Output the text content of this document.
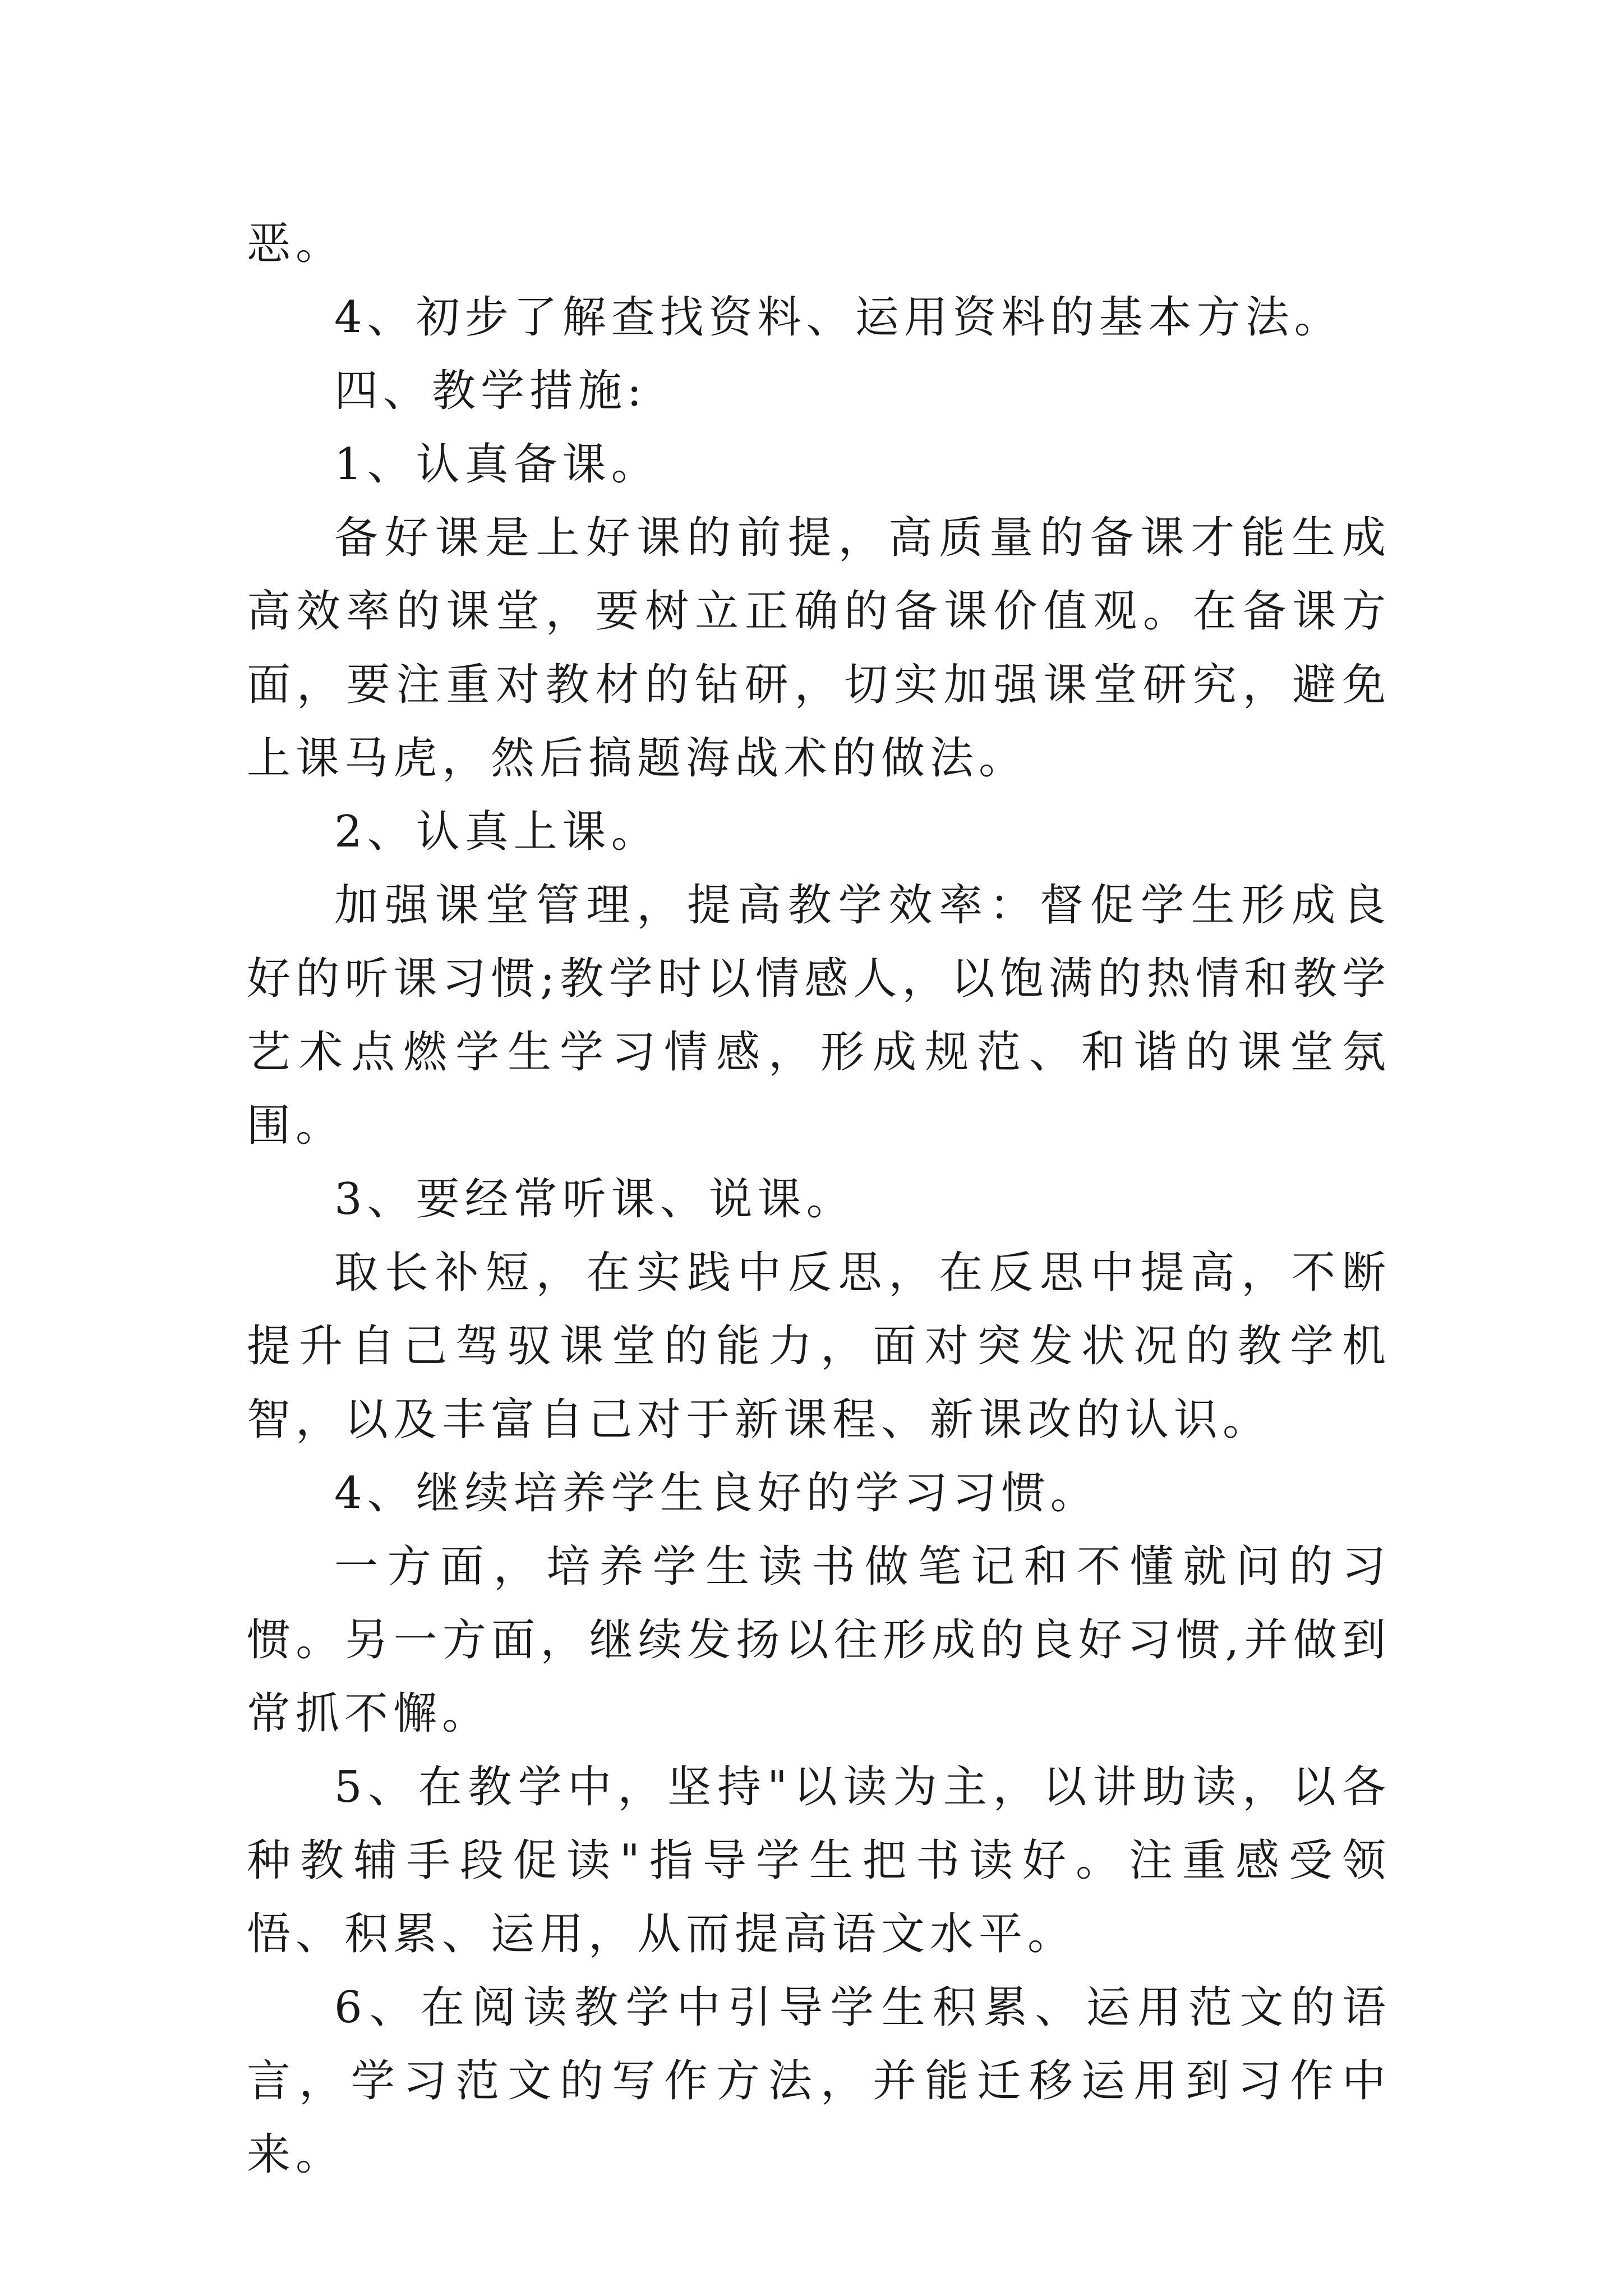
恶。

4、初步了解查找资料、运用资料的基本方法。

四、教学措施:

1、认真备课。

备好课是上好课的前提，高质量的备课才能生成高效率的课堂，要树立正确的备课价值观。在备课方面，要注重对教材的钻研，切实加强课堂研究，避免上课马虎，然后搞题海战术的做法。

2、认真上课。

加强课堂管理，提高教学效率：督促学生形成良好的听课习惯;教学时以情感人，以饱满的热情和教学艺术点燃学生学习情感，形成规范、和谐的课堂氛围。

3、要经常听课、说课。

取长补短，在实践中反思，在反思中提高，不断提升自己驾驭课堂的能力，面对突发状况的教学机智，以及丰富自己对于新课程、新课改的认识。

4、继续培养学生良好的学习习惯。

一方面，培养学生读书做笔记和不懂就问的习惯。另一方面，继续发扬以往形成的良好习惯,并做到常抓不懈。

5、在教学中，坚持"以读为主，以讲助读，以各种教辅手段促读"指导学生把书读好。注重感受领悟、积累、运用，从而提高语文水平。

6、在阅读教学中引导学生积累、运用范文的语言，学习范文的写作方法，并能迁移运用到习作中来。
